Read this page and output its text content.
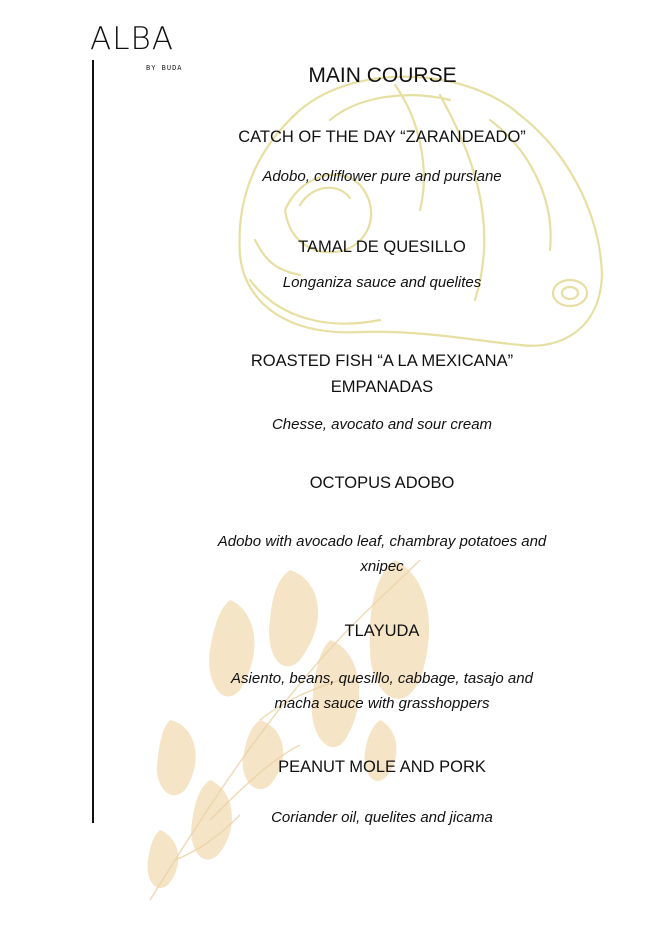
ALBA
BY BUDA	MAIN COURSE
CATCH OF THE DAY “ZARANDEADO”
Adobo, coliflower pure and purslane
TAMAL DE QUESILLO
Longaniza sauce and quelites
ROASTED FISH “A LA MEXICANA”
EMPANADAS
Chesse, avocato and sour cream
OCTOPUS ADOBO
Adobo with avocado leaf, chambray potatoes and
xnipec
TLAYUDA
Asiento, beans, quesillo, cabbage, tasajo and
macha sauce with grasshoppers
PEANUT MOLE AND PORK
Coriander oil, quelites and jicama
